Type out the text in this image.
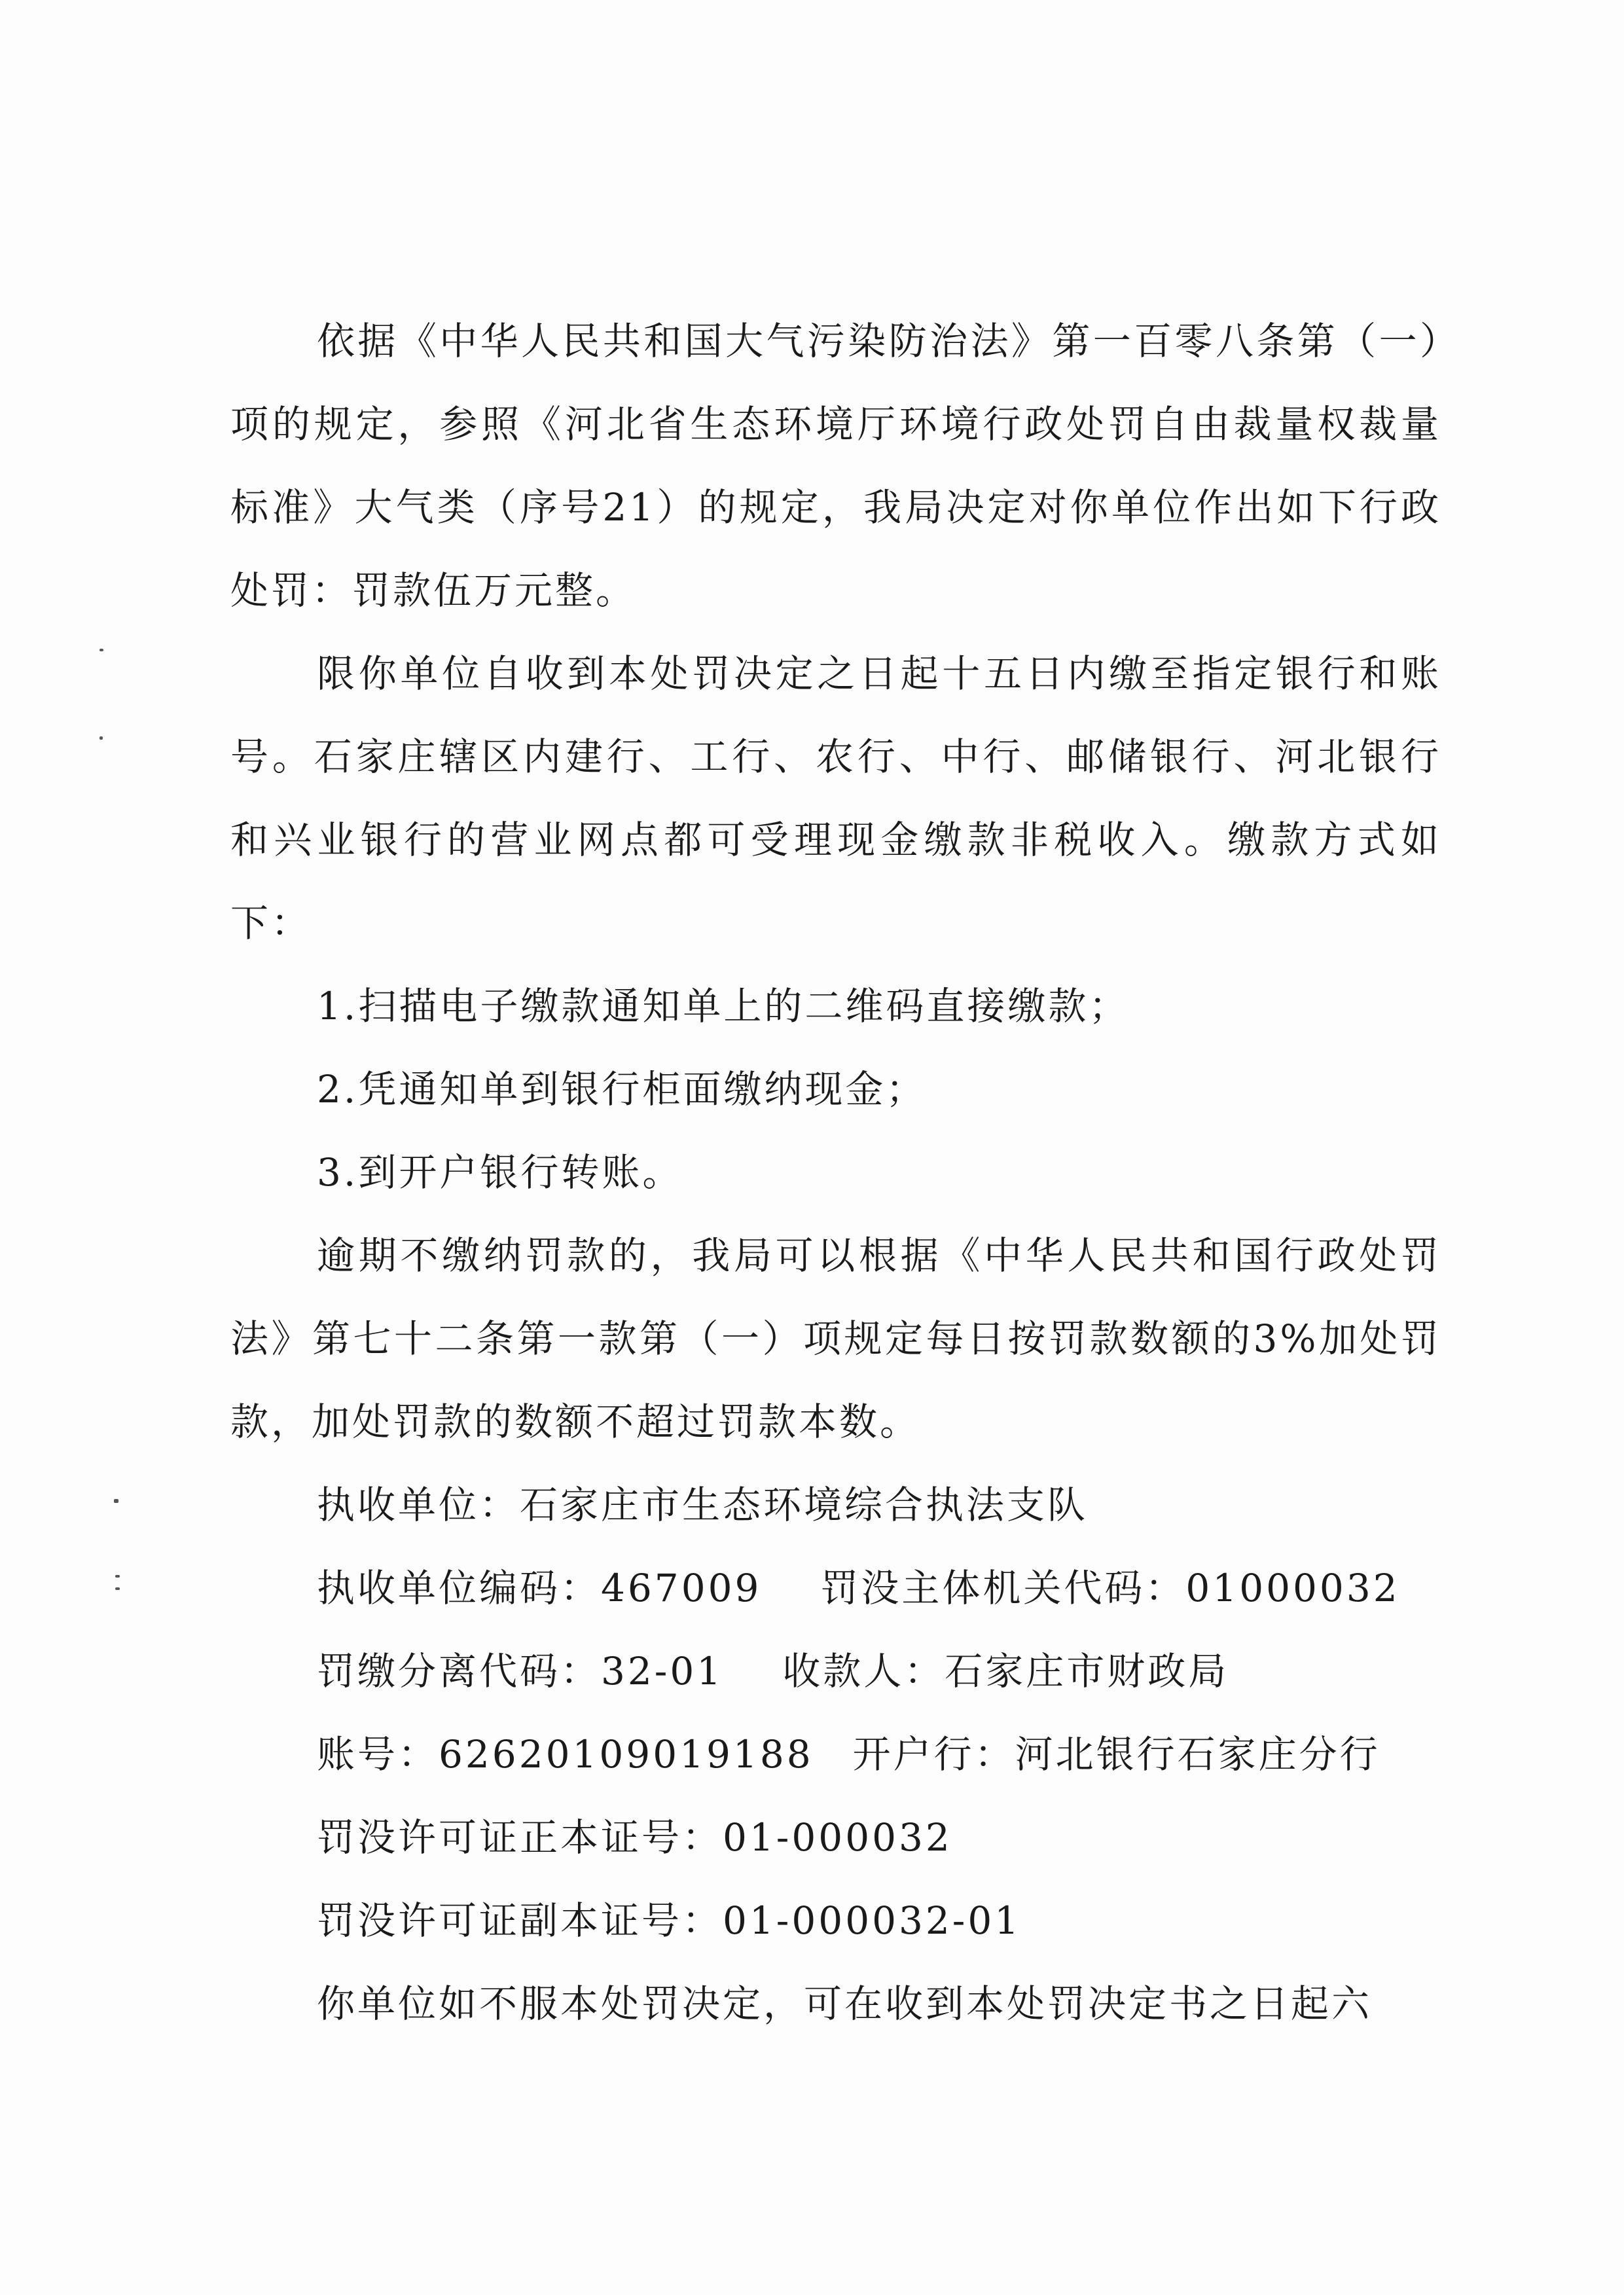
依据《中华人民共和国大气污染防治法》第一百零八条第（一）项的规定，参照《河北省生态环境厅环境行政处罚自由裁量权裁量标准》大气类（序号21）的规定，我局决定对你单位作出如下行政处罚：罚款伍万元整。

限你单位自收到本处罚决定之日起十五日内缴至指定银行和账号。石家庄辖区内建行、工行、农行、中行、邮储银行、河北银行和兴业银行的营业网点都可受理现金缴款非税收入。缴款方式如下：

1.扫描电子缴款通知单上的二维码直接缴款；

2.凭通知单到银行柜面缴纳现金；

3.到开户银行转账。

逾期不缴纳罚款的，我局可以根据《中华人民共和国行政处罚法》第七十二条第一款第（一）项规定每日按罚款数额的3%加处罚款，加处罚款的数额不超过罚款本数。

执收单位：石家庄市生态环境综合执法支队

执收单位编码：467009 罚没主体机关代码：01000032

罚缴分离代码：32-01 收款人：石家庄市财政局

账号：62620109019188 开户行：河北银行石家庄分行

罚没许可证正本证号：01-000032

罚没许可证副本证号：01-000032-01

你单位如不服本处罚决定，可在收到本处罚决定书之日起六
